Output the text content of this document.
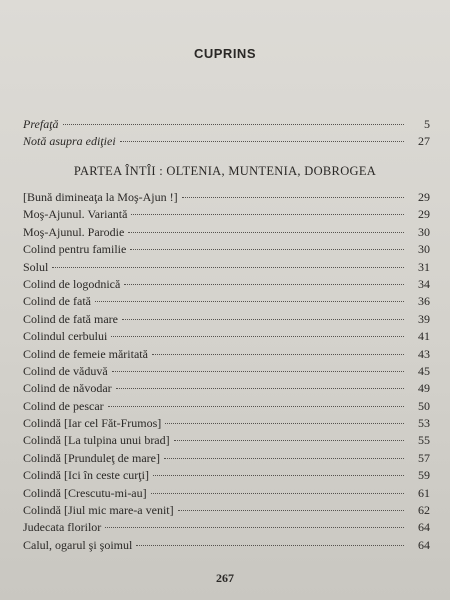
CUPRINS
Prefaţă	5
Notă asupra ediţiei	27
PARTEA ÎNTÎI : OLTENIA, MUNTENIA, DOBROGEA
[Bună dimineaţa la Moş-Ajun !]	29
Moş-Ajunul. Variantă	29
Moş-Ajunul. Parodie	30
Colind pentru familie	30
Solul	31
Colind de logodnică	34
Colind de fată	36
Colind de fată mare	39
Colindul cerbului	41
Colind de femeie măritată	43
Colind de văduvă	45
Colind de năvodar	49
Colind de pescar	50
Colindă [Iar cel Făt-Frumos]	53
Colindă [La tulpina unui brad]	55
Colindă [Prunduleţ de mare]	57
Colindă [Ici în ceste curţi]	59
Colindă [Crescutu-mi-au]	61
Colindă [Jiul mic mare-a venit]	62
Judecata florilor	64
Calul, ogarul şi şoimul	64
267
